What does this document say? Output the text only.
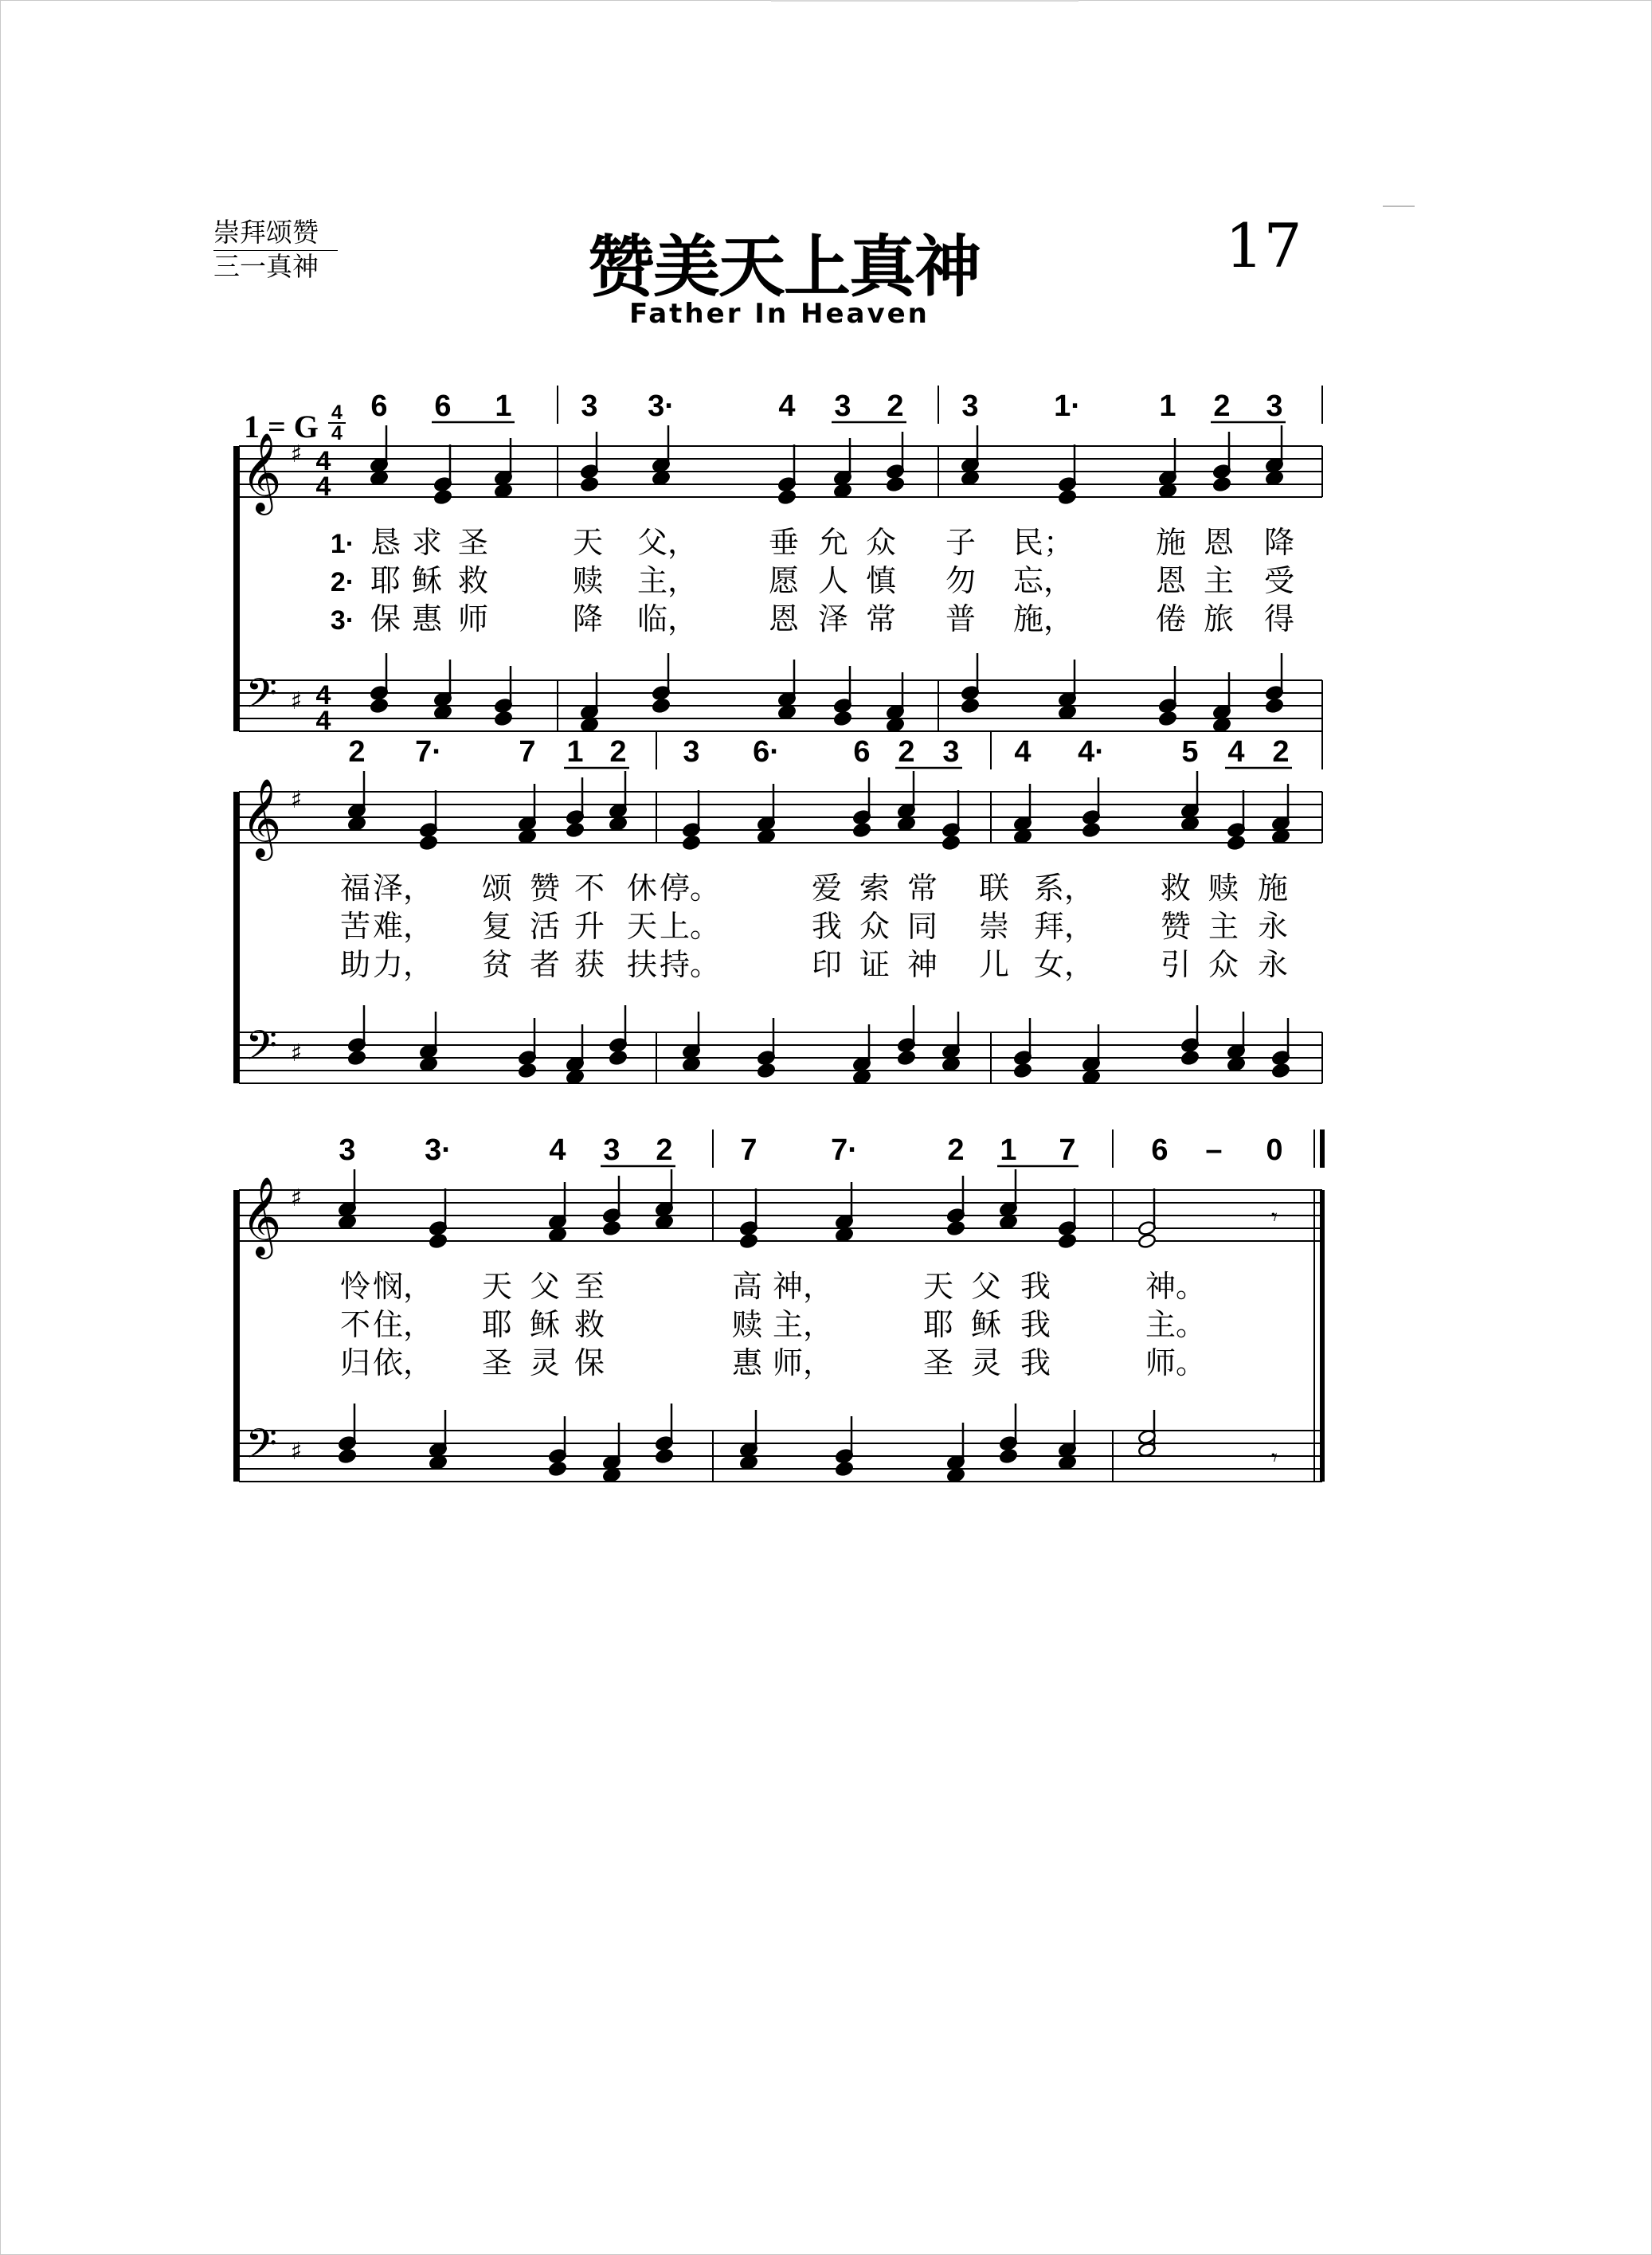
崇拜颂赞
三一真神	赞美天上真神
Father In Heaven
17
1 = G $\frac{4}{4}$
𝄞
𝄢
♯
♯
4
4
4
4
6 6 1 3 3·	4 3 2 3 1·	1 2 3
恳 求 圣	天 父， 垂 允 众 子 民；	施 恩 降
耶 稣 救	赎 主， 愿 人 慎 勿 忘，	恩 主 受
保 惠 师	降 临， 恩 泽 常 普 施，	倦 旅 得
1·
2·
3·
𝄞
𝄢
♯
♯
2 7·	7 1 2 3 6· 6 2 3 4 4·	5 4 2
福 泽， 颂 赞 不 休 停。	爱 索 常 联 系， 救 赎 施
苦 难， 复 活 升 天 上。	我 众 同 崇 拜， 赞 主 永
助 力， 贫 者 获 扶 持。	印 证 神 儿 女， 引 众 永
𝄞
𝄢
♯
♯
3 3·	4 3 2 7 7·	2 1 7 6 – 0
怜 悯， 天 父 至	高 神，	天 父 我	神。
不 住， 耶 稣 救	赎 主，	耶 稣 我	主。
归 依， 圣 灵 保	惠 师，	圣 灵 我	师。
𝄾
𝄾
